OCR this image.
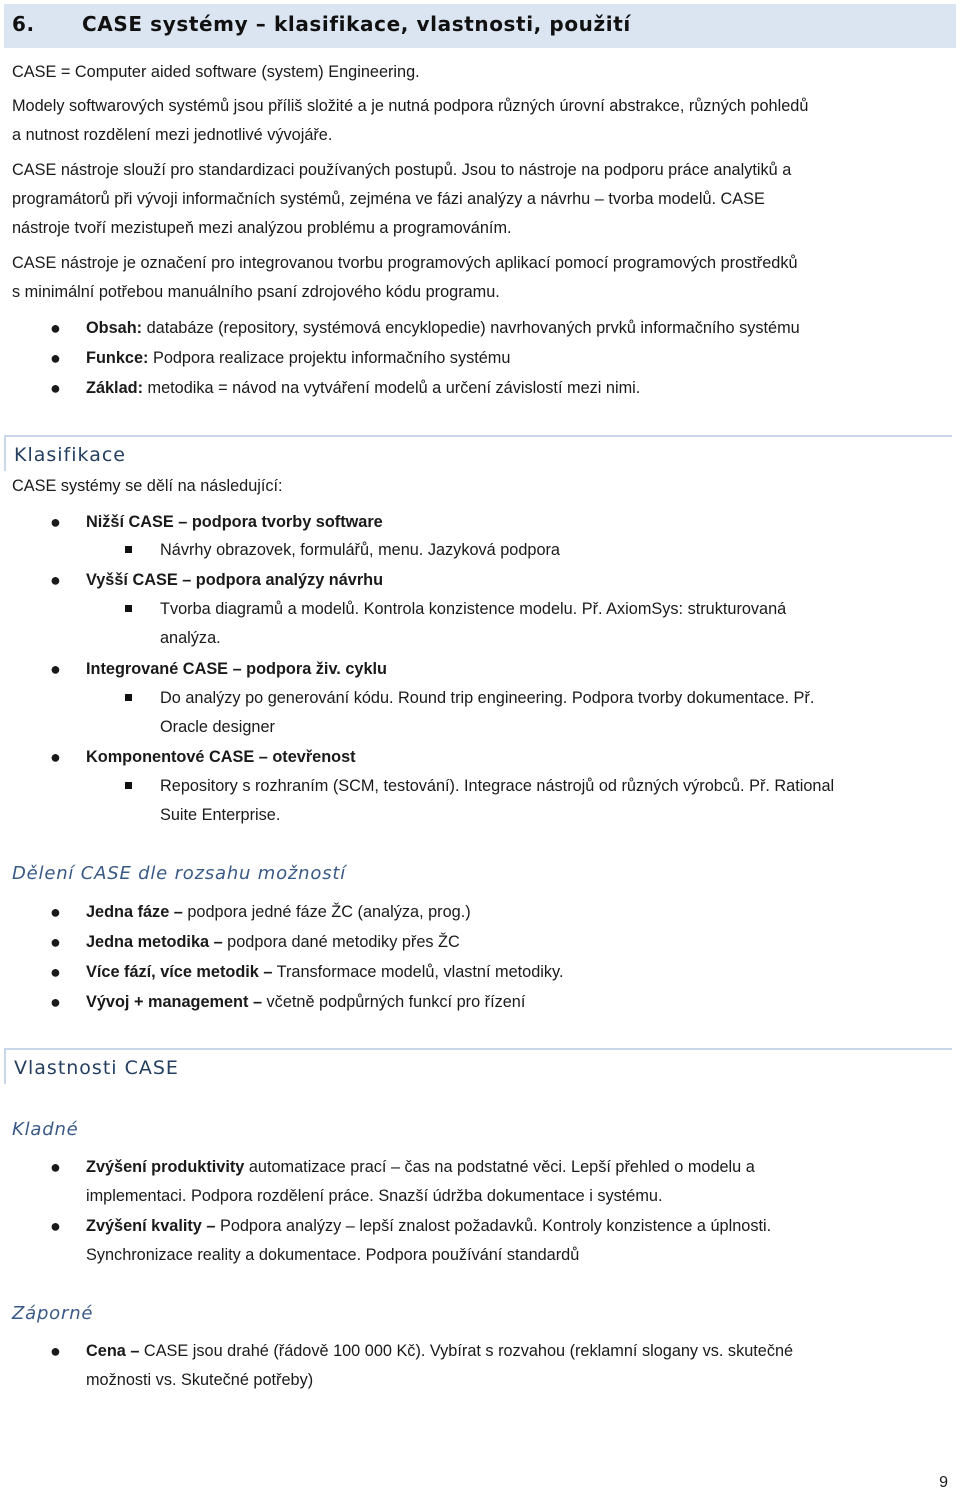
6. CASE systémy – klasifikace, vlastnosti, použití
CASE = Computer aided software (system) Engineering.
Modely softwarových systémů jsou příliš složité a je nutná podpora různých úrovní abstrakce, různých pohledů
a nutnost rozdělení mezi jednotlivé vývojáře.
CASE nástroje slouží pro standardizaci používaných postupů. Jsou to nástroje na podporu práce analytiků a
programátorů při vývoji informačních systémů, zejména ve fázi analýzy a návrhu – tvorba modelů. CASE
nástroje tvoří mezistupeň mezi analýzou problému a programováním.
CASE nástroje je označení pro integrovanou tvorbu programových aplikací pomocí programových prostředků
s minimální potřebou manuálního psaní zdrojového kódu programu.
● Obsah: databáze (repository, systémová encyklopedie) navrhovaných prvků informačního systému
● Funkce: Podpora realizace projektu informačního systému
● Základ: metodika = návod na vytváření modelů a určení závislostí mezi nimi.
Klasifikace
CASE systémy se dělí na následující:
● Nižší CASE – podpora tvorby software
Návrhy obrazovek, formulářů, menu. Jazyková podpora
● Vyšší CASE – podpora analýzy návrhu
Tvorba diagramů a modelů. Kontrola konzistence modelu. Př. AxiomSys: strukturovaná
analýza.
● Integrované CASE – podpora živ. cyklu
Do analýzy po generování kódu. Round trip engineering. Podpora tvorby dokumentace. Př.
Oracle designer
● Komponentové CASE – otevřenost
Repository s rozhraním (SCM, testování). Integrace nástrojů od různých výrobců. Př. Rational
Suite Enterprise.
Dělení CASE dle rozsahu možností
● Jedna fáze – podpora jedné fáze ŽC (analýza, prog.)
● Jedna metodika – podpora dané metodiky přes ŽC
● Více fází, více metodik – Transformace modelů, vlastní metodiky.
● Vývoj + management – včetně podpůrných funkcí pro řízení
Vlastnosti CASE
Kladné
● Zvýšení produktivity automatizace prací – čas na podstatné věci. Lepší přehled o modelu a
implementaci. Podpora rozdělení práce. Snazší údržba dokumentace i systému.
● Zvýšení kvality – Podpora analýzy – lepší znalost požadavků. Kontroly konzistence a úplnosti.
Synchronizace reality a dokumentace. Podpora používání standardů
Záporné
● Cena – CASE jsou drahé (řádově 100 000 Kč). Vybírat s rozvahou (reklamní slogany vs. skutečné
možnosti vs. Skutečné potřeby)
9
